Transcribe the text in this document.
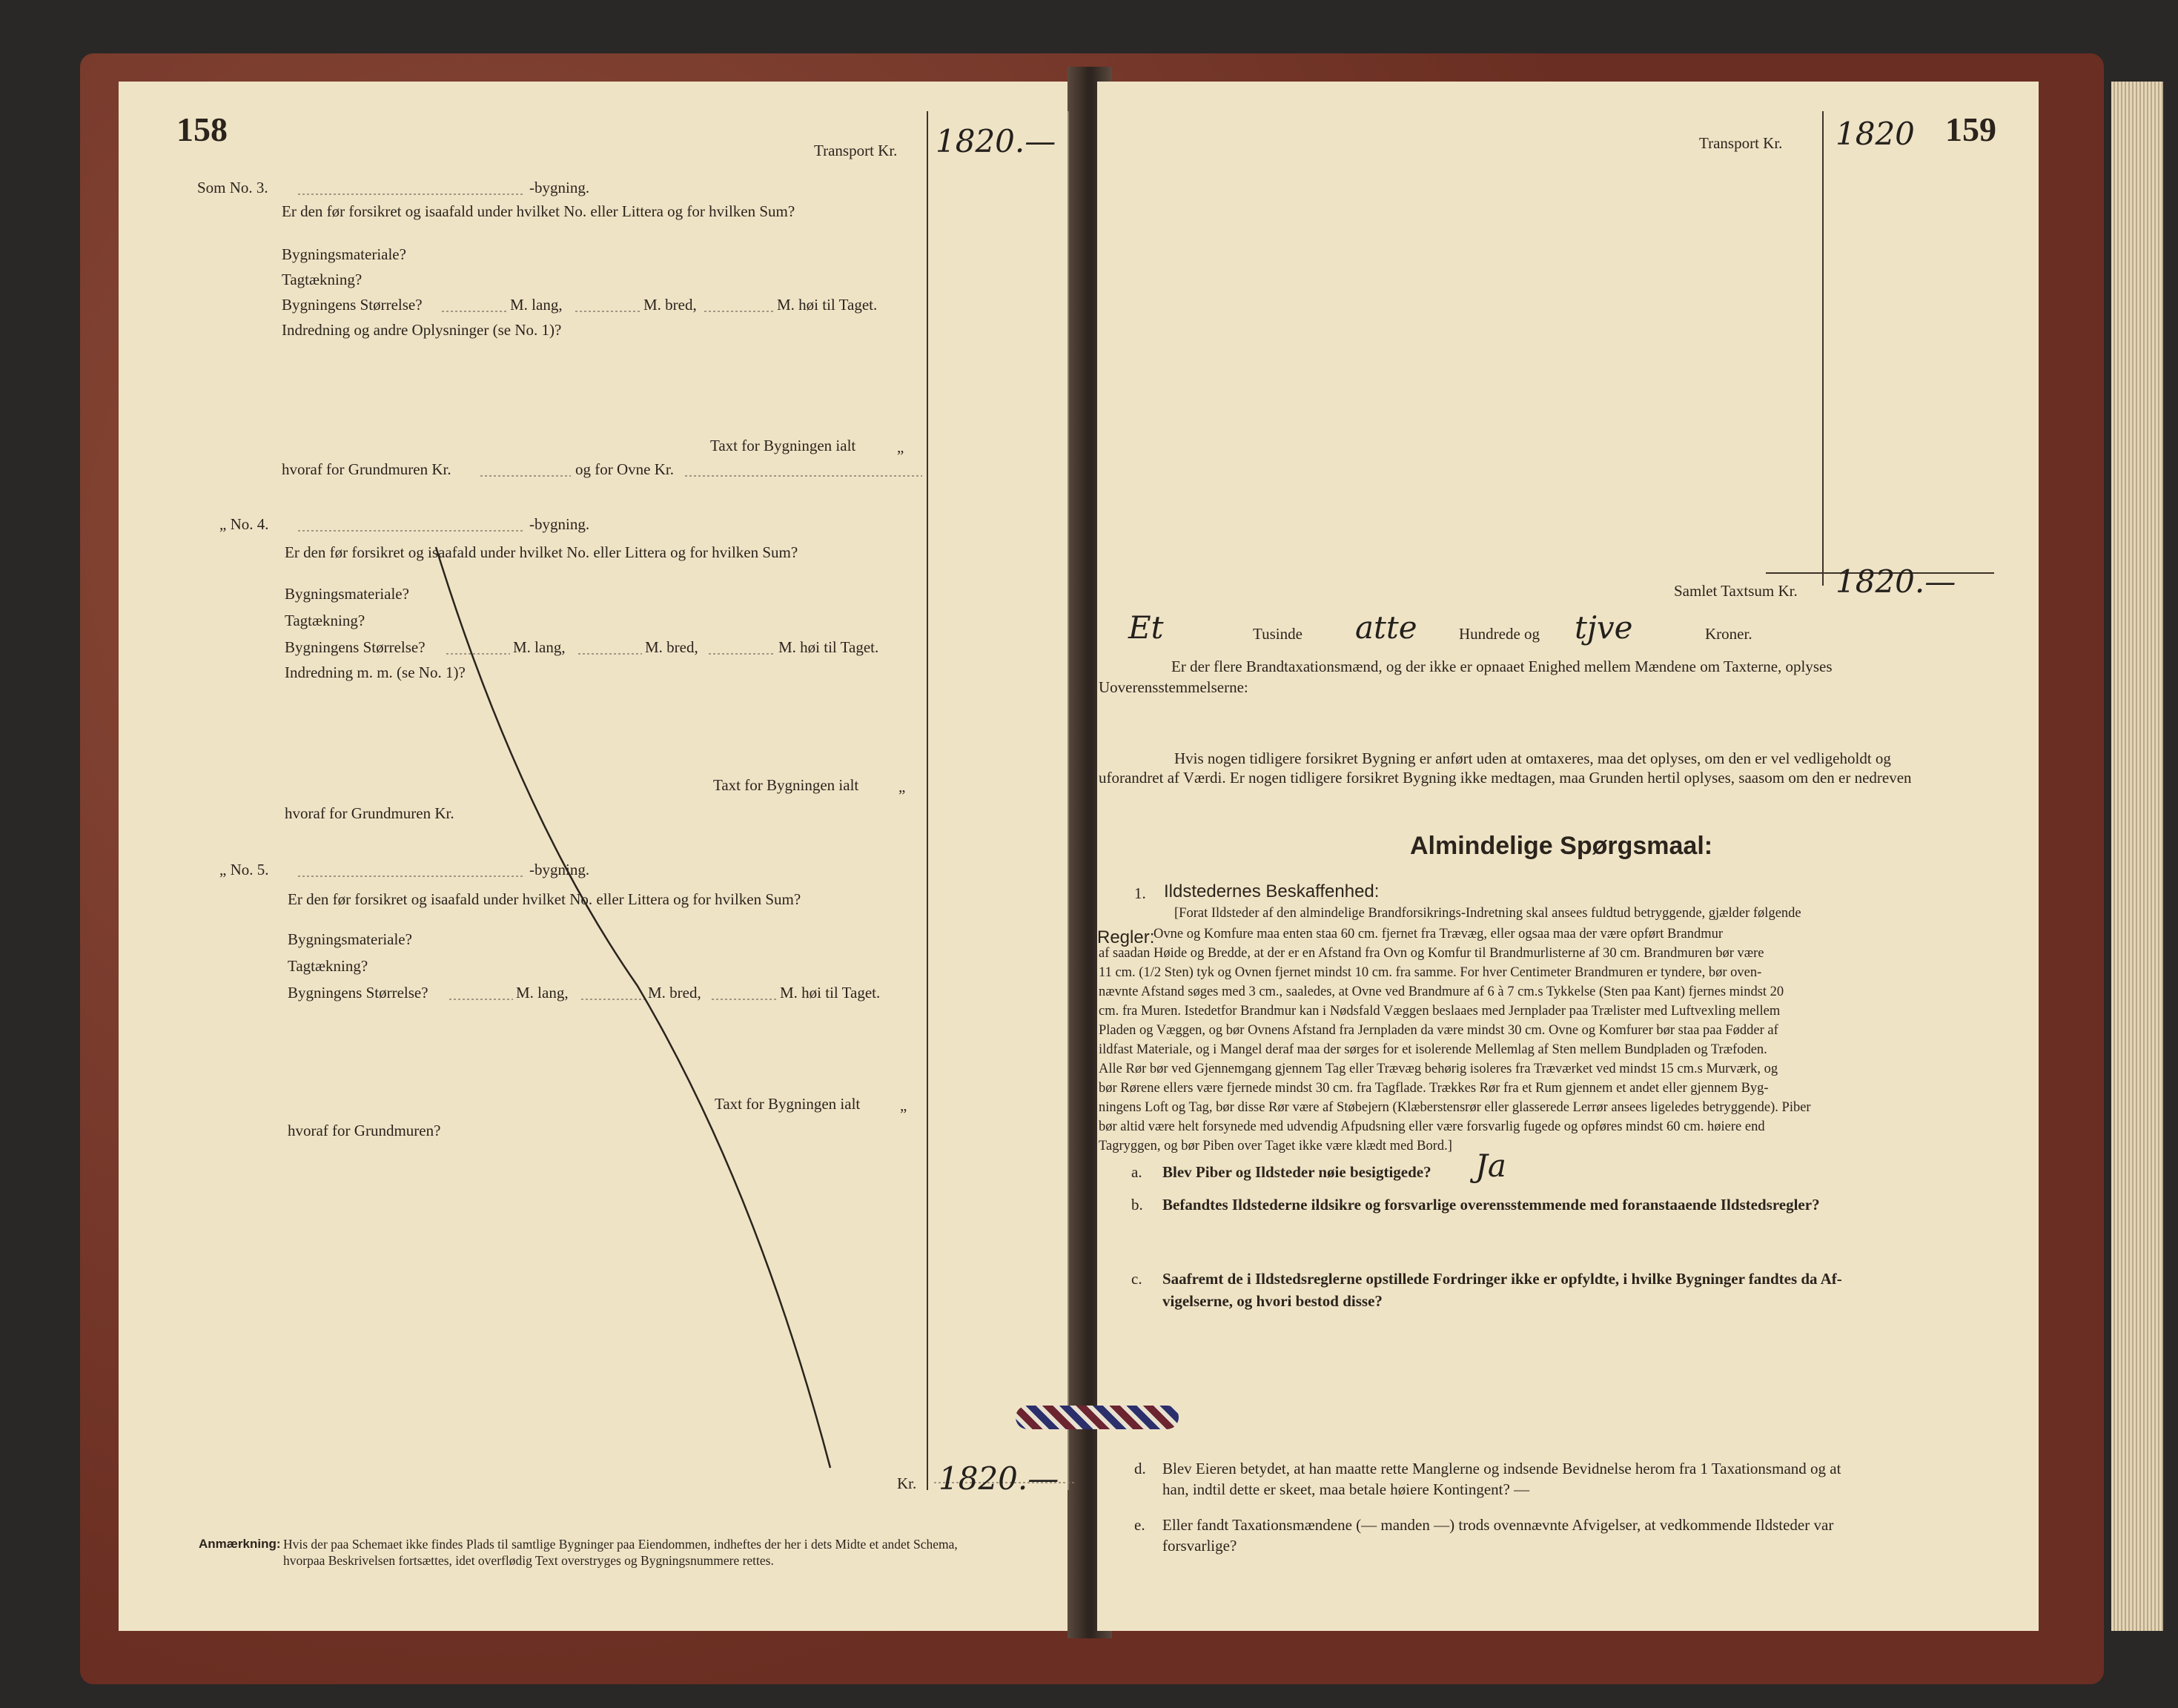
158
Transport Kr. 1820.—
Som No. 3.	-bygning.
Er den før forsikret og isaafald under hvilket No. eller Littera og for hvilken Sum?
Bygningsmateriale?
Tagtækning?
Bygningens Størrelse?	M. lang,	M. bred,	M. høi til Taget.
Indredning og andre Oplysninger (se No. 1)?
Taxt for Bygningen ialt	„
hvoraf for Grundmuren Kr.	og for Ovne Kr.
„ No. 4.	-bygning.
Er den før forsikret og isaafald under hvilket No. eller Littera og for hvilken Sum?
Bygningsmateriale?
Tagtækning?
Bygningens Størrelse?	M. lang,	M. bred,	M. høi til Taget.
Indredning m. m. (se No. 1)?
Taxt for Bygningen ialt	„
hvoraf for Grundmuren Kr.
„ No. 5.	-bygning.
Er den før forsikret og isaafald under hvilket No. eller Littera og for hvilken Sum?
Bygningsmateriale?
Tagtækning?
Bygningens Størrelse?	M. lang,	M. bred,	M. høi til Taget.
Taxt for Bygningen ialt	„
hvoraf for Grundmuren?
Kr. 1820.—
Anmærkning: Hvis der paa Schemaet ikke findes Plads til samtlige Bygninger paa Eiendommen, indheftes der her i dets Midte et andet Schema,
hvorpaa Beskrivelsen fortsættes, idet overflødig Text overstryges og Bygningsnummere rettes.
159
Transport Kr. 1820
Samlet Taxtsum Kr. 1820.—
Et	Tusinde atte	Hundrede og tjve	Kroner.
Er der flere Brandtaxationsmænd, og der ikke er opnaaet Enighed mellem Mændene om Taxterne, oplyses
Uoverensstemmelserne:
Hvis nogen tidligere forsikret Bygning er anført uden at omtaxeres, maa det oplyses, om den er vel vedligeholdt og
uforandret af Værdi. Er nogen tidligere forsikret Bygning ikke medtagen, maa Grunden hertil oplyses, saasom om den er nedreven
Almindelige Spørgsmaal:
1. Ildstedernes Beskaffenhed:
Regler:
[Forat Ildsteder af den almindelige Brandforsikrings-Indretning skal ansees fuldtud betryggende, gjælder følgende
Ovne og Komfure maa enten staa 60 cm. fjernet fra Trævæg, eller ogsaa maa der være opført Brandmur
af saadan Høide og Bredde, at der er en Afstand fra Ovn og Komfur til Brandmurlisterne af 30 cm. Brandmuren bør være
11 cm. (1/2 Sten) tyk og Ovnen fjernet mindst 10 cm. fra samme. For hver Centimeter Brandmuren er tyndere, bør oven-
nævnte Afstand søges med 3 cm., saaledes, at Ovne ved Brandmure af 6 à 7 cm.s Tykkelse (Sten paa Kant) fjernes mindst 20
cm. fra Muren. Istedetfor Brandmur kan i Nødsfald Væggen beslaaes med Jernplader paa Trælister med Luftvexling mellem
Pladen og Væggen, og bør Ovnens Afstand fra Jernpladen da være mindst 30 cm. Ovne og Komfurer bør staa paa Fødder af
ildfast Materiale, og i Mangel deraf maa der sørges for et isolerende Mellemlag af Sten mellem Bundpladen og Træfoden.
Alle Rør bør ved Gjennemgang gjennem Tag eller Trævæg behørig isoleres fra Træværket ved mindst 15 cm.s Murværk, og
bør Rørene ellers være fjernede mindst 30 cm. fra Tagflade. Trækkes Rør fra et Rum gjennem et andet eller gjennem Byg-
ningens Loft og Tag, bør disse Rør være af Støbejern (Klæberstensrør eller glasserede Lerrør ansees ligeledes betryggende). Piber
bør altid være helt forsynede med udvendig Afpudsning eller være forsvarlig fugede og opføres mindst 60 cm. høiere end
Tagryggen, og bør Piben over Taget ikke være klædt med Bord.]
a. Blev Piber og Ildsteder nøie besigtigede? Ja
b. Befandtes Ildstederne ildsikre og forsvarlige overensstemmende med foranstaaende Ildstedsregler?
c. Saafremt de i Ildstedsreglerne opstillede Fordringer ikke er opfyldte, i hvilke Bygninger fandtes da Af-
vigelserne, og hvori bestod disse?
d. Blev Eieren betydet, at han maatte rette Manglerne og indsende Bevidnelse herom fra 1 Taxationsmand og at
han, indtil dette er skeet, maa betale høiere Kontingent? —
e. Eller fandt Taxationsmændene (— manden —) trods ovennævnte Afvigelser, at vedkommende Ildsteder var
forsvarlige?
